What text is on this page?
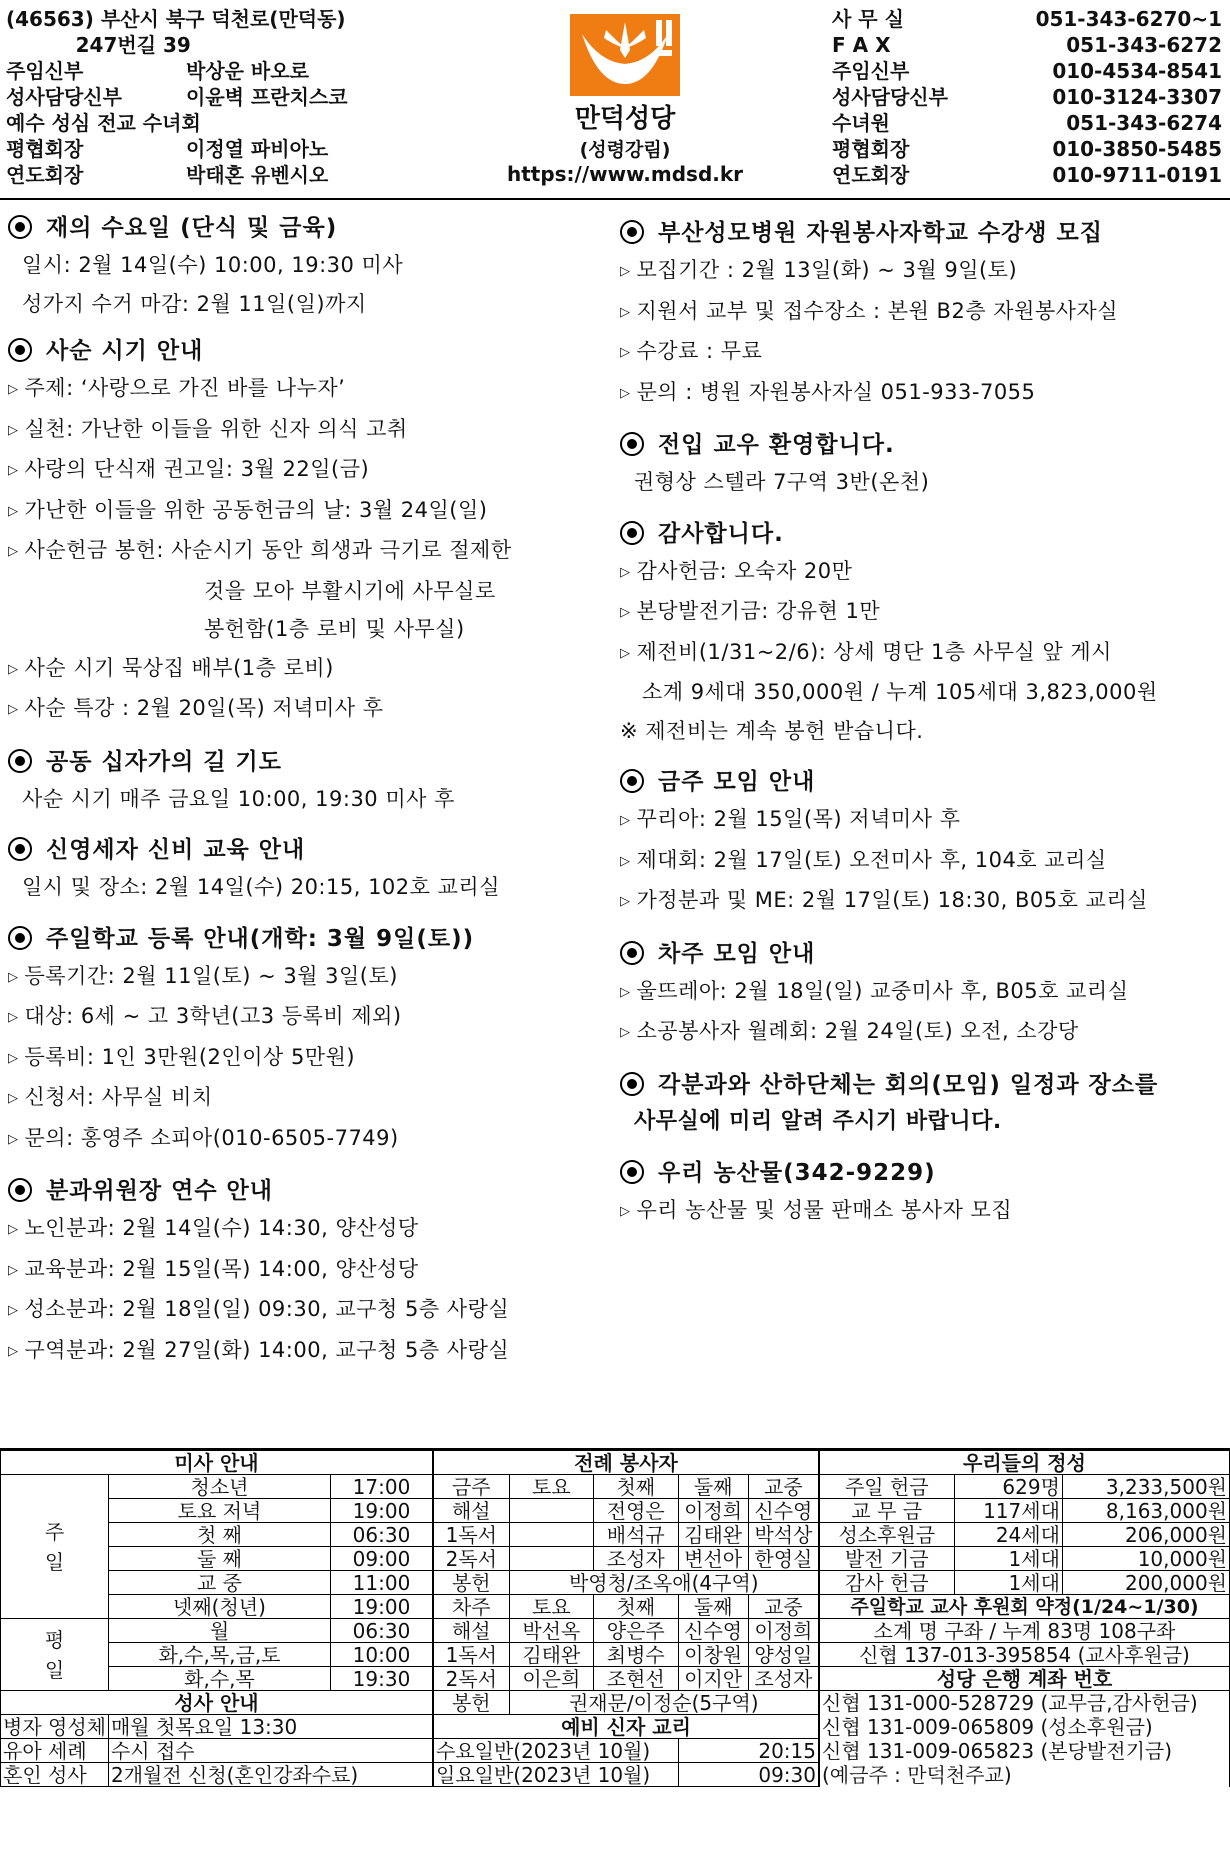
(46563) 부산시 북구 덕천로(만덕동)
247번길 39
주임신부	박상운 바오로
성사담당신부	이윤벽 프란치스코
예수 성심 전교 수녀회
평협회장	이정열 파비아노
연도회장	박태혼 유벤시오
만덕성당
(성령강림)
https://www.mdsd.kr
사 무 실	051-343-6270~1
F A X	051-343-6272
주임신부	010-4534-8541
성사담당신부	010-3124-3307
수녀원	051-343-6274
평협회장	010-3850-5485
연도회장	010-9711-0191
재의 수요일 (단식 및 금육)
일시: 2월 14일(수) 10:00, 19:30 미사
성가지 수거 마감: 2월 11일(일)까지
사순 시기 안내
▷ 주제: ‘사랑으로 가진 바를 나누자’
▷ 실천: 가난한 이들을 위한 신자 의식 고취
▷ 사랑의 단식재 권고일: 3월 22일(금)
▷ 가난한 이들을 위한 공동헌금의 날: 3월 24일(일)
▷ 사순헌금 봉헌: 사순시기 동안 희생과 극기로 절제한
것을 모아 부활시기에 사무실로
봉헌함(1층 로비 및 사무실)
▷ 사순 시기 묵상집 배부(1층 로비)
▷ 사순 특강 : 2월 20일(목) 저녁미사 후
공동 십자가의 길 기도
사순 시기 매주 금요일 10:00, 19:30 미사 후
신영세자 신비 교육 안내
일시 및 장소: 2월 14일(수) 20:15, 102호 교리실
주일학교 등록 안내(개학: 3월 9일(토))
▷ 등록기간: 2월 11일(토) ~ 3월 3일(토)
▷ 대상: 6세 ~ 고 3학년(고3 등록비 제외)
▷ 등록비: 1인 3만원(2인이상 5만원)
▷ 신청서: 사무실 비치
▷ 문의: 홍영주 소피아(010-6505-7749)
분과위원장 연수 안내
▷ 노인분과: 2월 14일(수) 14:30, 양산성당
▷ 교육분과: 2월 15일(목) 14:00, 양산성당
▷ 성소분과: 2월 18일(일) 09:30, 교구청 5층 사랑실
▷ 구역분과: 2월 27일(화) 14:00, 교구청 5층 사랑실
부산성모병원 자원봉사자학교 수강생 모집
▷ 모집기간 : 2월 13일(화) ~ 3월 9일(토)
▷ 지원서 교부 및 접수장소 : 본원 B2층 자원봉사자실
▷ 수강료 : 무료
▷ 문의 : 병원 자원봉사자실 051-933-7055
전입 교우 환영합니다.
권형상 스텔라 7구역 3반(온천)
감사합니다.
▷ 감사헌금: 오숙자 20만
▷ 본당발전기금: 강유현 1만
▷ 제전비(1/31~2/6): 상세 명단 1층 사무실 앞 게시
소계 9세대 350,000원 / 누계 105세대 3,823,000원
※ 제전비는 계속 봉헌 받습니다.
금주 모임 안내
▷ 꾸리아: 2월 15일(목) 저녁미사 후
▷ 제대회: 2월 17일(토) 오전미사 후, 104호 교리실
▷ 가정분과 및 ME: 2월 17일(토) 18:30, B05호 교리실
차주 모임 안내
▷ 울뜨레아: 2월 18일(일) 교중미사 후, B05호 교리실
▷ 소공봉사자 월례회: 2월 24일(토) 오전, 소강당
각분과와 산하단체는 회의(모임) 일정과 장소를
사무실에 미리 알려 주시기 바랍니다.
우리 농산물(342-9229)
▷ 우리 농산물 및 성물 판매소 봉사자 모집
미사 안내		
주
일	청소년	17:00
	토요 저녁	19:00
	첫 째	06:30
	둘 째	09:00
	교 중	11:00
	넷째(청년)	19:00
평
일	월	06:30
	화,수,목,금,토	10:00
	화,수,목	19:30
성사 안내		
병자 영성체	매월 첫목요일 13:30	
유아 세례	수시 접수	
혼인 성사	2개월전 신청(혼인강좌수료)	
전례 봉사자				
금주	토요	첫째	둘째	교중
해설		전영은	이정희	신수영
1독서		배석규	김태완	박석상
2독서		조성자	변선아	한영실
봉헌	박영청/조옥애(4구역)			
차주	토요	첫째	둘째	교중
해설	박선옥	양은주	신수영	이정희
1독서	김태완	최병수	이창원	양성일
2독서	이은희	조현선	이지안	조성자
봉헌	권재문/이정순(5구역)			
예비 신자 교리				
수요일반(2023년 10월)			20:15	
일요일반(2023년 10월)			09:30	
우리들의 정성		
주일 헌금	629명	3,233,500원
교 무 금	117세대	8,163,000원
성소후원금	24세대	206,000원
발전 기금	1세대	10,000원
감사 헌금	1세대	200,000원
주일학교 교사 후원회 약정(1/24~1/30)		
소계 명 구좌 / 누계 83명 108구좌		
신협 137-013-395854 (교사후원금)		
성당 은행 계좌 번호		
신협 131-000-528729 (교무금,감사헌금)		
신협 131-009-065809 (성소후원금)		
신협 131-009-065823 (본당발전기금)		
(예금주 : 만덕천주교)		
